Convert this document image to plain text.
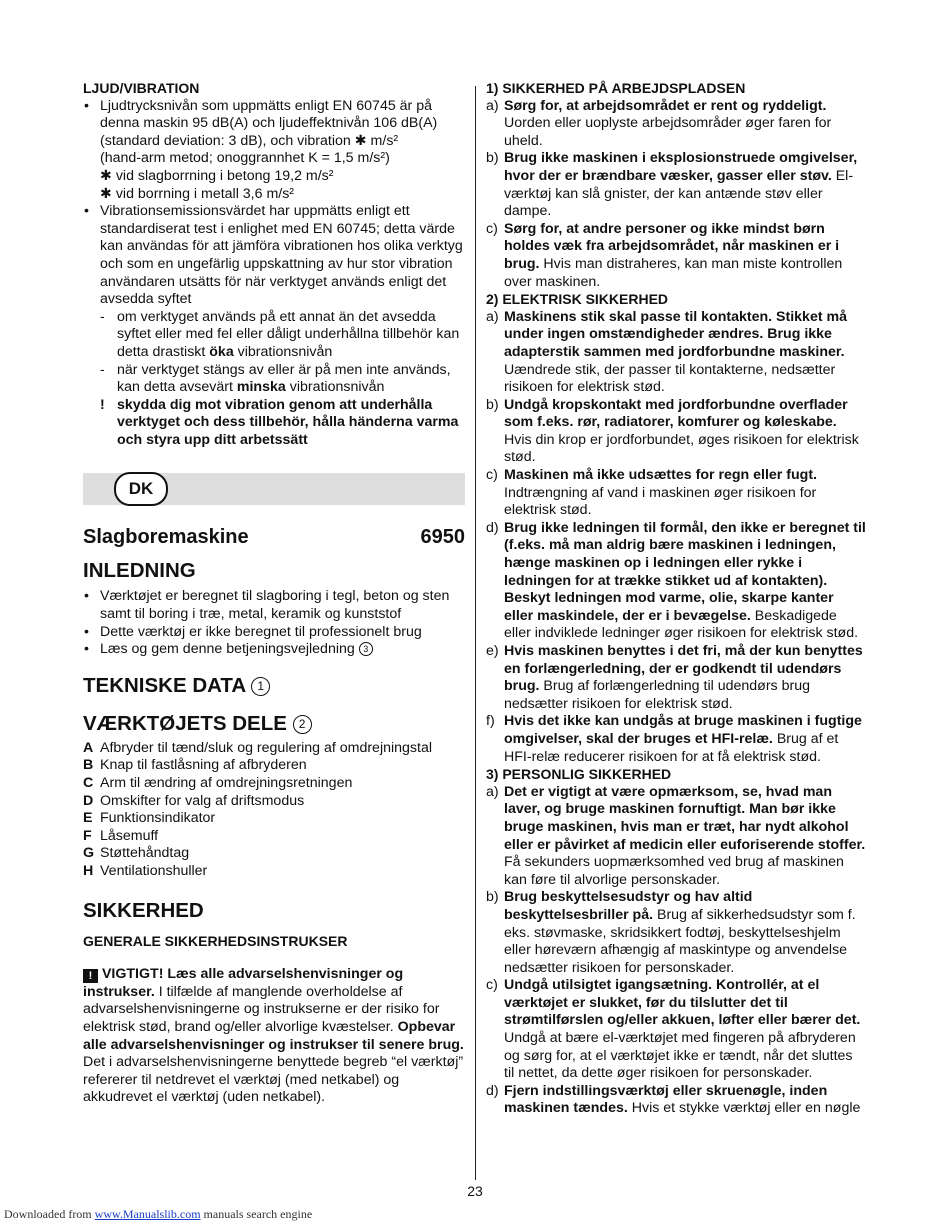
LJUD/VIBRATION

• Ljudtrycksnivån som uppmätts enligt EN 60745 är på
denna maskin 95 dB(A) och ljudeffektnivån 106 dB(A)
(standard deviation: 3 dB), och vibration ✱ m/s²
(hand-arm metod; onoggrannhet K = 1,5 m/s²)
✱ vid slagborrning i betong 19,2 m/s²
✱ vid borrning i metall 3,6 m/s²
• Vibrationsemissionsvärdet har uppmätts enligt ett standardiserat test i enlighet med EN 60745; detta värde kan användas för att jämföra vibrationen hos olika verktyg och som en ungefärlig uppskattning av hur stor vibration användaren utsätts för när verktyget används enligt det avsedda syftet
- om verktyget används på ett annat än det avsedda syftet eller med fel eller dåligt underhållna tillbehör kan detta drastiskt öka vibrationsnivån
- när verktyget stängs av eller är på men inte används, kan detta avsevärt minska vibrationsnivån
! skydda dig mot vibration genom att underhålla verktyget och dess tillbehör, hålla händerna varma och styra upp ditt arbetssätt
DK
Slagboremaskine	6950

INLEDNING

• Værktøjet er beregnet til slagboring i tegl, beton og sten samt til boring i træ, metal, keramik og kunststof
• Dette værktøj er ikke beregnet til professionelt brug
• Læs og gem denne betjeningsvejledning 3

TEKNISKE DATA 1

VÆRKTØJETS DELE 2

A Afbryder til tænd/sluk og regulering af omdrejningstal
B Knap til fastlåsning af afbryderen
C Arm til ændring af omdrejningsretningen
D Omskifter for valg af driftsmodus
E Funktionsindikator
F Låsemuff
G Støttehåndtag
H Ventilationshuller

SIKKERHED

GENERALE SIKKERHEDSINSTRUKSER

! VIGTIGT! Læs alle advarselshenvisninger og instrukser. I tilfælde af manglende overholdelse af advarselshenvisningerne og instrukserne er der risiko for elektrisk stød, brand og/eller alvorlige kvæstelser. Opbevar alle advarselshenvisninger og instrukser til senere brug. Det i advarselshenvisningerne benyttede begreb “el værktøj” refererer til netdrevet el værktøj (med netkabel) og akkudrevet el værktøj (uden netkabel).

1) SIKKERHED PÅ ARBEJDSPLADSEN

a) Sørg for, at arbejdsområdet er rent og ryddeligt. Uorden eller uoplyste arbejdsområder øger faren for uheld.
b) Brug ikke maskinen i eksplosionstruede omgivelser, hvor der er brændbare væsker, gasser eller støv. El-værktøj kan slå gnister, der kan antænde støv eller dampe.
c) Sørg for, at andre personer og ikke mindst børn holdes væk fra arbejdsområdet, når maskinen er i brug. Hvis man distraheres, kan man miste kontrollen over maskinen.

2) ELEKTRISK SIKKERHED

a) Maskinens stik skal passe til kontakten. Stikket må under ingen omstændigheder ændres. Brug ikke adapterstik sammen med jordforbundne maskiner. Uændrede stik, der passer til kontakterne, nedsætter risikoen for elektrisk stød.
b) Undgå kropskontakt med jordforbundne overflader som f.eks. rør, radiatorer, komfurer og køleskabe. Hvis din krop er jordforbundet, øges risikoen for elektrisk stød.
c) Maskinen må ikke udsættes for regn eller fugt. Indtrængning af vand i maskinen øger risikoen for elektrisk stød.
d) Brug ikke ledningen til formål, den ikke er beregnet til (f.eks. må man aldrig bære maskinen i ledningen, hænge maskinen op i ledningen eller rykke i ledningen for at trække stikket ud af kontakten). Beskyt ledningen mod varme, olie, skarpe kanter eller maskindele, der er i bevægelse. Beskadigede eller indviklede ledninger øger risikoen for elektrisk stød.
e) Hvis maskinen benyttes i det fri, må der kun benyttes en forlængerledning, der er godkendt til udendørs brug. Brug af forlængerledning til udendørs brug nedsætter risikoen for elektrisk stød.
f) Hvis det ikke kan undgås at bruge maskinen i fugtige omgivelser, skal der bruges et HFI-relæ. Brug af et HFI-relæ reducerer risikoen for at få elektrisk stød.

3) PERSONLIG SIKKERHED

a) Det er vigtigt at være opmærksom, se, hvad man laver, og bruge maskinen fornuftigt. Man bør ikke bruge maskinen, hvis man er træt, har nydt alkohol eller er påvirket af medicin eller euforiserende stoffer. Få sekunders uopmærksomhed ved brug af maskinen kan føre til alvorlige personskader.
b) Brug beskyttelsesudstyr og hav altid beskyttelsesbriller på. Brug af sikkerhedsudstyr som f. eks. støvmaske, skridsikkert fodtøj, beskyttelseshjelm eller høreværn afhængig af maskintype og anvendelse nedsætter risikoen for personskader.
c) Undgå utilsigtet igangsætning. Kontrollér, at el værktøjet er slukket, før du tilslutter det til strømtilførslen og/eller akkuen, løfter eller bærer det. Undgå at bære el-værktøjet med fingeren på afbryderen og sørg for, at el værktøjet ikke er tændt, når det sluttes til nettet, da dette øger risikoen for personskader.
d) Fjern indstillingsværktøj eller skruenøgle, inden maskinen tændes. Hvis et stykke værktøj eller en nøgle
23
Downloaded from www.Manualslib.com manuals search engine
